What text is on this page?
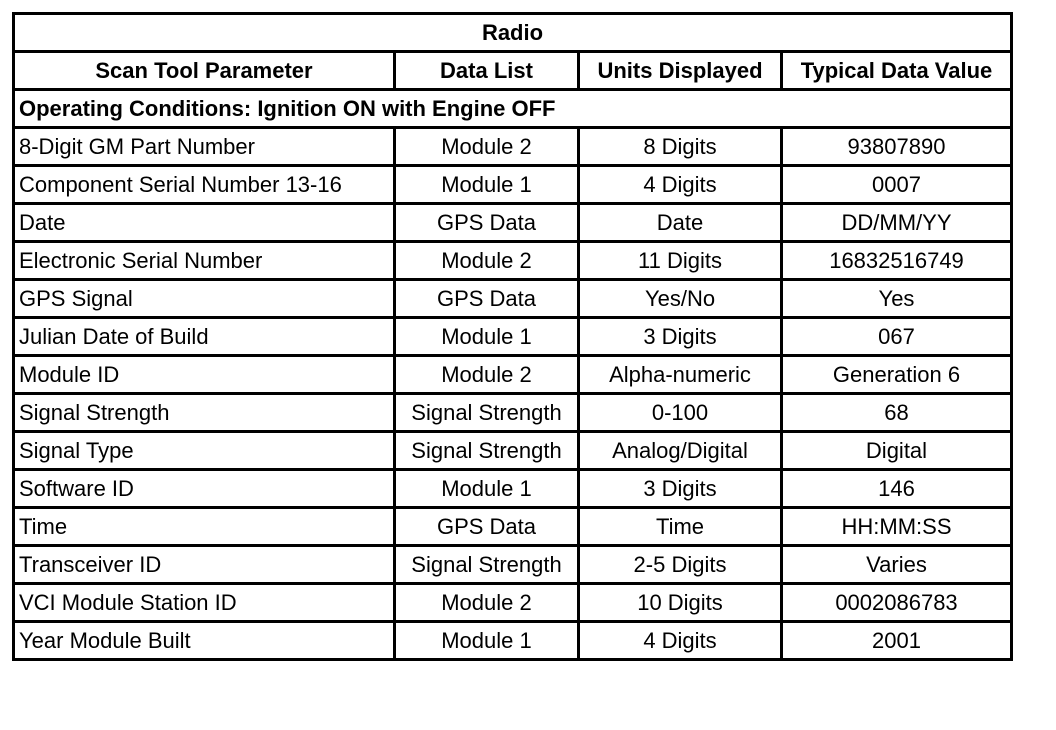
Radio			
Scan Tool Parameter	Data List	Units Displayed	Typical Data Value
Operating Conditions: Ignition ON with Engine OFF			
8-Digit GM Part Number	Module 2	8 Digits	93807890
Component Serial Number 13-16	Module 1	4 Digits	0007
Date	GPS Data	Date	DD/MM/YY
Electronic Serial Number	Module 2	11 Digits	16832516749
GPS Signal	GPS Data	Yes/No	Yes
Julian Date of Build	Module 1	3 Digits	067
Module ID	Module 2	Alpha-numeric	Generation 6
Signal Strength	Signal Strength	0-100	68
Signal Type	Signal Strength	Analog/Digital	Digital
Software ID	Module 1	3 Digits	146
Time	GPS Data	Time	HH:MM:SS
Transceiver ID	Signal Strength	2-5 Digits	Varies
VCI Module Station ID	Module 2	10 Digits	0002086783
Year Module Built	Module 1	4 Digits	2001
